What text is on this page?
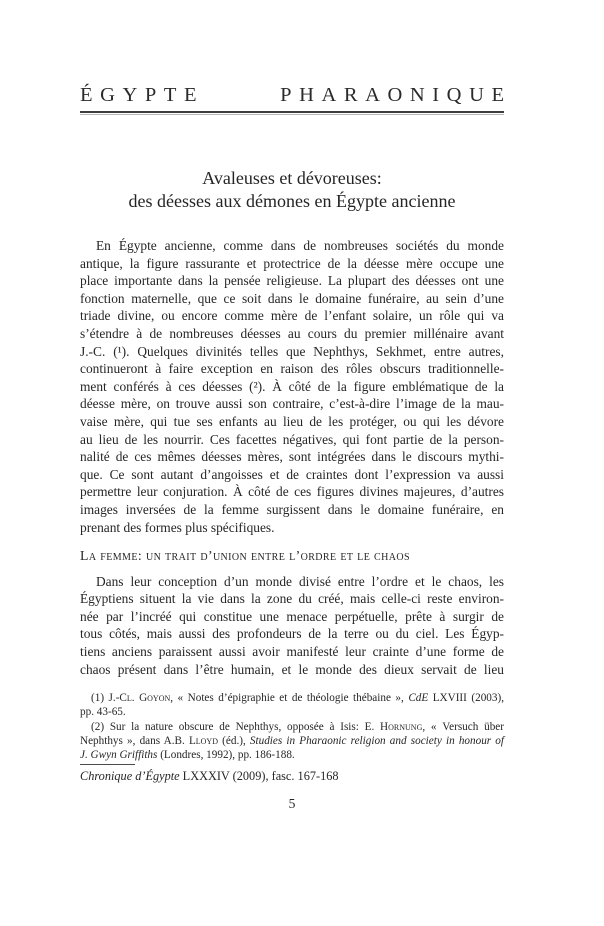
ÉGYPTE	PHARAONIQUE
Avaleuses et dévoreuses:
des déesses aux démones en Égypte ancienne
En Égypte ancienne, comme dans de nombreuses sociétés du monde
antique, la figure rassurante et protectrice de la déesse mère occupe une
place importante dans la pensée religieuse. La plupart des déesses ont une
fonction maternelle, que ce soit dans le domaine funéraire, au sein d’une
triade divine, ou encore comme mère de l’enfant solaire, un rôle qui va
s’étendre à de nombreuses déesses au cours du premier millénaire avant
J.-C. (¹). Quelques divinités telles que Nephthys, Sekhmet, entre autres,
continueront à faire exception en raison des rôles obscurs traditionnelle-
ment conférés à ces déesses (²). À côté de la figure emblématique de la
déesse mère, on trouve aussi son contraire, c’est-à-dire l’image de la mau-
vaise mère, qui tue ses enfants au lieu de les protéger, ou qui les dévore
au lieu de les nourrir. Ces facettes négatives, qui font partie de la person-
nalité de ces mêmes déesses mères, sont intégrées dans le discours mythi-
que. Ce sont autant d’angoisses et de craintes dont l’expression va aussi
permettre leur conjuration. À côté de ces figures divines majeures, d’autres
images inversées de la femme surgissent dans le domaine funéraire, en
prenant des formes plus spécifiques.
La femme: un trait d’union entre l’ordre et le chaos
Dans leur conception d’un monde divisé entre l’ordre et le chaos, les
Égyptiens situent la vie dans la zone du créé, mais celle-ci reste environ-
née par l’incréé qui constitue une menace perpétuelle, prête à surgir de
tous côtés, mais aussi des profondeurs de la terre ou du ciel. Les Égyp-
tiens anciens paraissent aussi avoir manifesté leur crainte d’une forme de
chaos présent dans l’être humain, et le monde des dieux servait de lieu
(1) J.-Cl. Goyon, « Notes d’épigraphie et de théologie thébaine », CdE LXVIII (2003),
pp. 43-65.
(2) Sur la nature obscure de Nephthys, opposée à Isis: E. Hornung, « Versuch über
Nephthys », dans A.B. Lloyd (éd.), Studies in Pharaonic religion and society in honour of
J. Gwyn Griffiths (Londres, 1992), pp. 186-188.
Chronique d’Égypte LXXXIV (2009), fasc. 167-168
5
